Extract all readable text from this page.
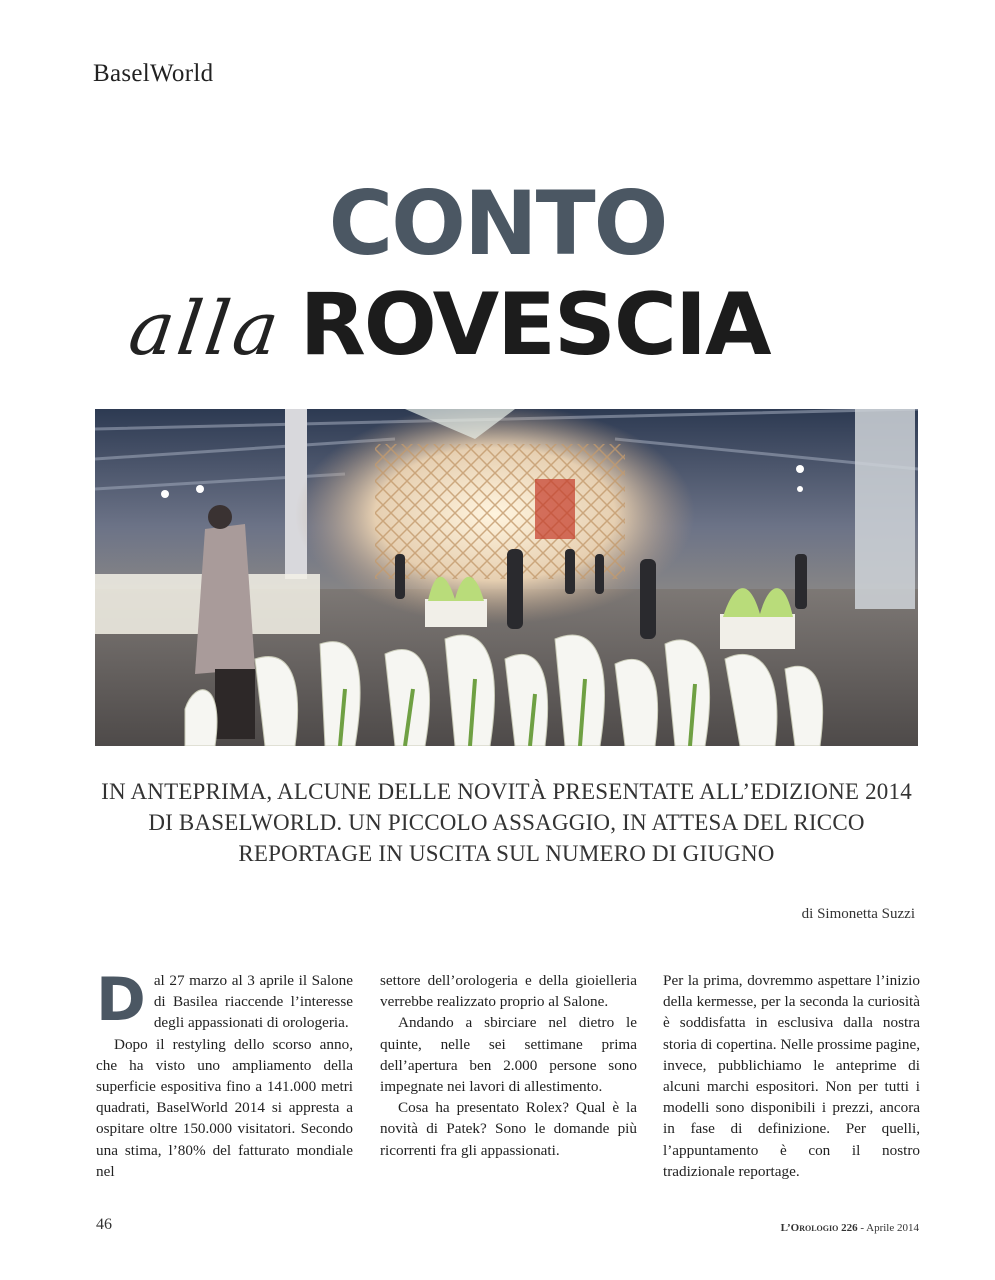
BaselWorld
CONTO
alla ROVESCIA
IN ANTEPRIMA, ALCUNE DELLE NOVITÀ PRESENTATE ALL’EDIZIONE 2014 DI BASELWORLD. UN PICCOLO ASSAGGIO, IN ATTESA DEL RICCO REPORTAGE IN USCITA SUL NUMERO DI GIUGNO
di Simonetta Suzzi
D al 27 marzo al 3 aprile il Salone di Basilea riaccende l’interesse degli appassionati di orologeria.

Dopo il restyling dello scorso anno, che ha visto uno ampliamento della superficie espositiva fino a 141.000 metri quadrati, BaselWorld 2014 si appresta a ospitare oltre 150.000 visitatori. Secondo una stima, l’80% del fatturato mondiale nel

settore dell’orologeria e della gioielleria verrebbe realizzato proprio al Salone.

Andando a sbirciare nel dietro le quinte, nelle sei settimane prima dell’apertura ben 2.000 persone sono impegnate nei lavori di allestimento.

Cosa ha presentato Rolex? Qual è la novità di Patek? Sono le domande più ricorrenti fra gli appassionati.

Per la prima, dovremmo aspettare l’inizio della kermesse, per la seconda la curiosità è soddisfatta in esclusiva dalla nostra storia di copertina. Nelle prossime pagine, invece, pubblichiamo le anteprime di alcuni marchi espositori. Non per tutti i modelli sono disponibili i prezzi, ancora in fase di definizione. Per quelli, l’appuntamento è con il nostro tradizionale reportage.

46	L’Orologio 226 - Aprile 2014
